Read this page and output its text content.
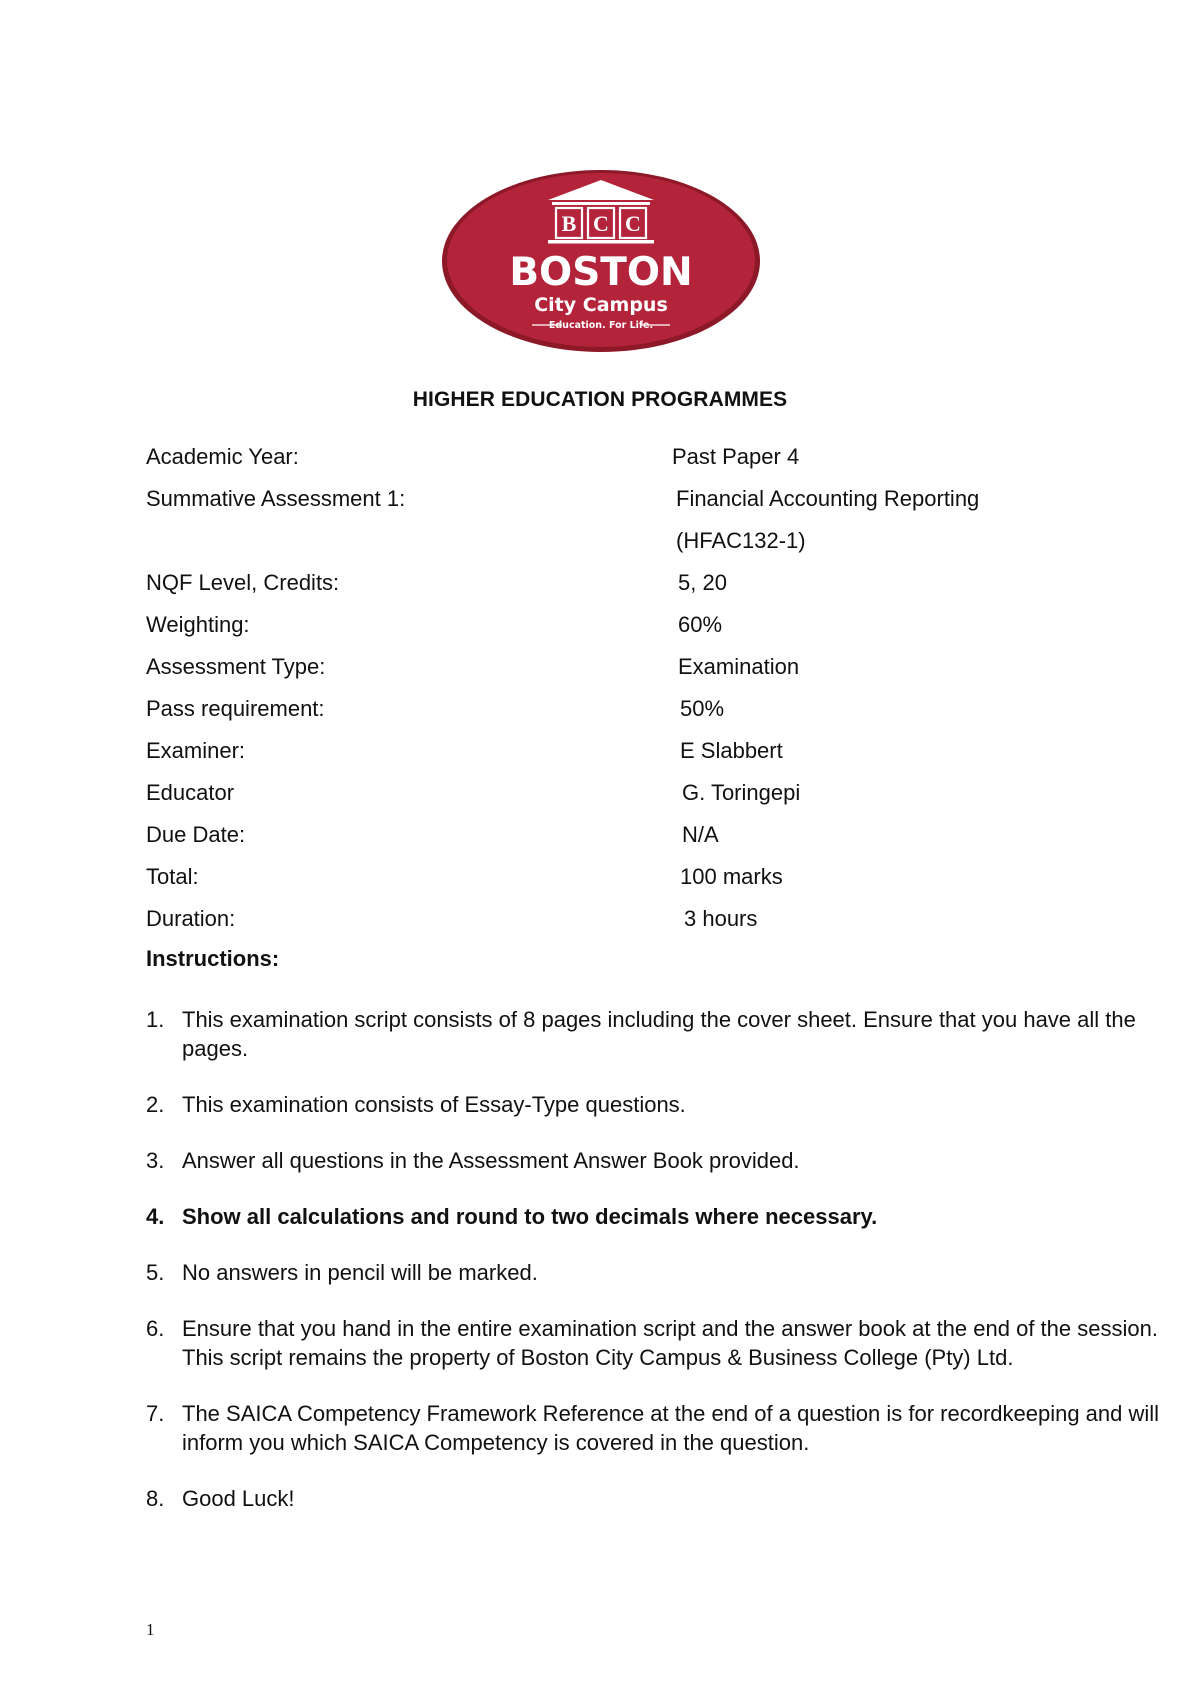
B C C
BOSTON
City Campus
Education. For Life.
HIGHER EDUCATION PROGRAMMES
Academic Year:	Past Paper 4
Summative Assessment 1:	Financial Accounting Reporting
(HFAC132-1)
NQF Level, Credits:	5, 20
Weighting:	60%
Assessment Type:	Examination
Pass requirement:	50%
Examiner:	E Slabbert
Educator	G. Toringepi
Due Date:	N/A
Total:	100 marks
Duration:	3 hours
Instructions:
1. This examination script consists of 8 pages including the cover sheet. Ensure that you have all the pages.
2. This examination consists of Essay-Type questions.
3. Answer all questions in the Assessment Answer Book provided.
4. Show all calculations and round to two decimals where necessary.
5. No answers in pencil will be marked.
6. Ensure that you hand in the entire examination script and the answer book at the end of the session. This script remains the property of Boston City Campus & Business College (Pty) Ltd.
7. The SAICA Competency Framework Reference at the end of a question is for recordkeeping and will inform you which SAICA Competency is covered in the question.
8. Good Luck!
1
